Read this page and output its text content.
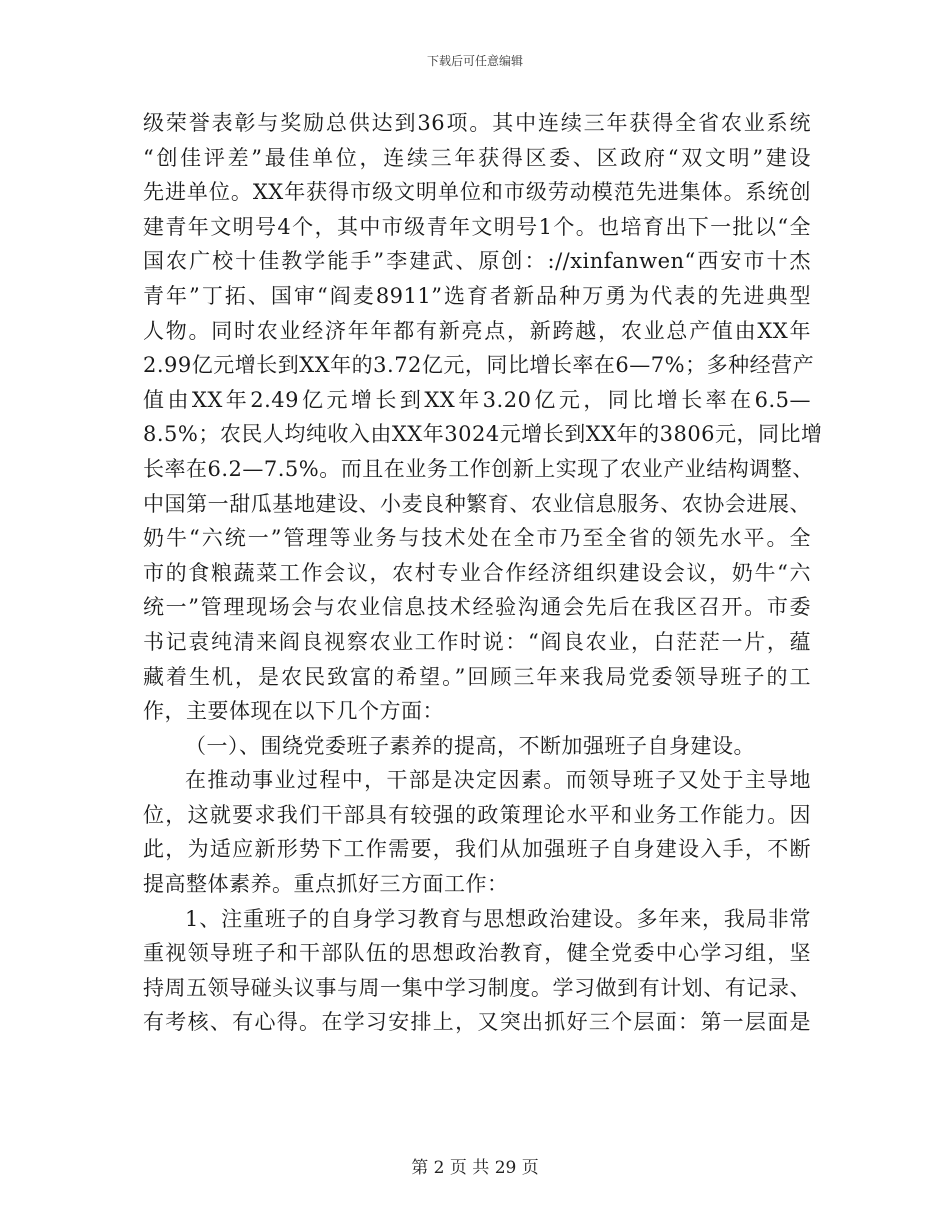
下载后可任意编辑
级荣誉表彰与奖励总供达到36项。其中连续三年获得全省农业系统
“创佳评差”最佳单位，连续三年获得区委、区政府“双文明”建设
先进单位。XX年获得市级文明单位和市级劳动模范先进集体。系统创
建青年文明号4个，其中市级青年文明号1个。也培育出下一批以“全
国农广校十佳教学能手”李建武、原创：://xinfanwen“西安市十杰
青年”丁拓、国审“阎麦8911”选育者新品种万勇为代表的先进典型
人物。同时农业经济年年都有新亮点，新跨越，农业总产值由XX年
2.99亿元增长到XX年的3.72亿元，同比增长率在6—7%；多种经营产
值由XX年2.49亿元增长到XX年3.20亿元，同比增长率在6.5—
8.5%；农民人均纯收入由XX年3024元增长到XX年的3806元，同比增
长率在6.2—7.5%。而且在业务工作创新上实现了农业产业结构调整、
中国第一甜瓜基地建设、小麦良种繁育、农业信息服务、农协会进展、
奶牛“六统一”管理等业务与技术处在全市乃至全省的领先水平。全
市的食粮蔬菜工作会议，农村专业合作经济组织建设会议，奶牛“六
统一”管理现场会与农业信息技术经验沟通会先后在我区召开。市委
书记袁纯清来阎良视察农业工作时说：“阎良农业，白茫茫一片，蕴
藏着生机，是农民致富的希望。”回顾三年来我局党委领导班子的工
作，主要体现在以下几个方面：
（一）、围绕党委班子素养的提高，不断加强班子自身建设。
在推动事业过程中，干部是决定因素。而领导班子又处于主导地
位，这就要求我们干部具有较强的政策理论水平和业务工作能力。因
此，为适应新形势下工作需要，我们从加强班子自身建设入手，不断
提高整体素养。重点抓好三方面工作：
1、注重班子的自身学习教育与思想政治建设。多年来，我局非常
重视领导班子和干部队伍的思想政治教育，健全党委中心学习组，坚
持周五领导碰头议事与周一集中学习制度。学习做到有计划、有记录、
有考核、有心得。在学习安排上，又突出抓好三个层面：第一层面是
第 2 页 共 29 页
